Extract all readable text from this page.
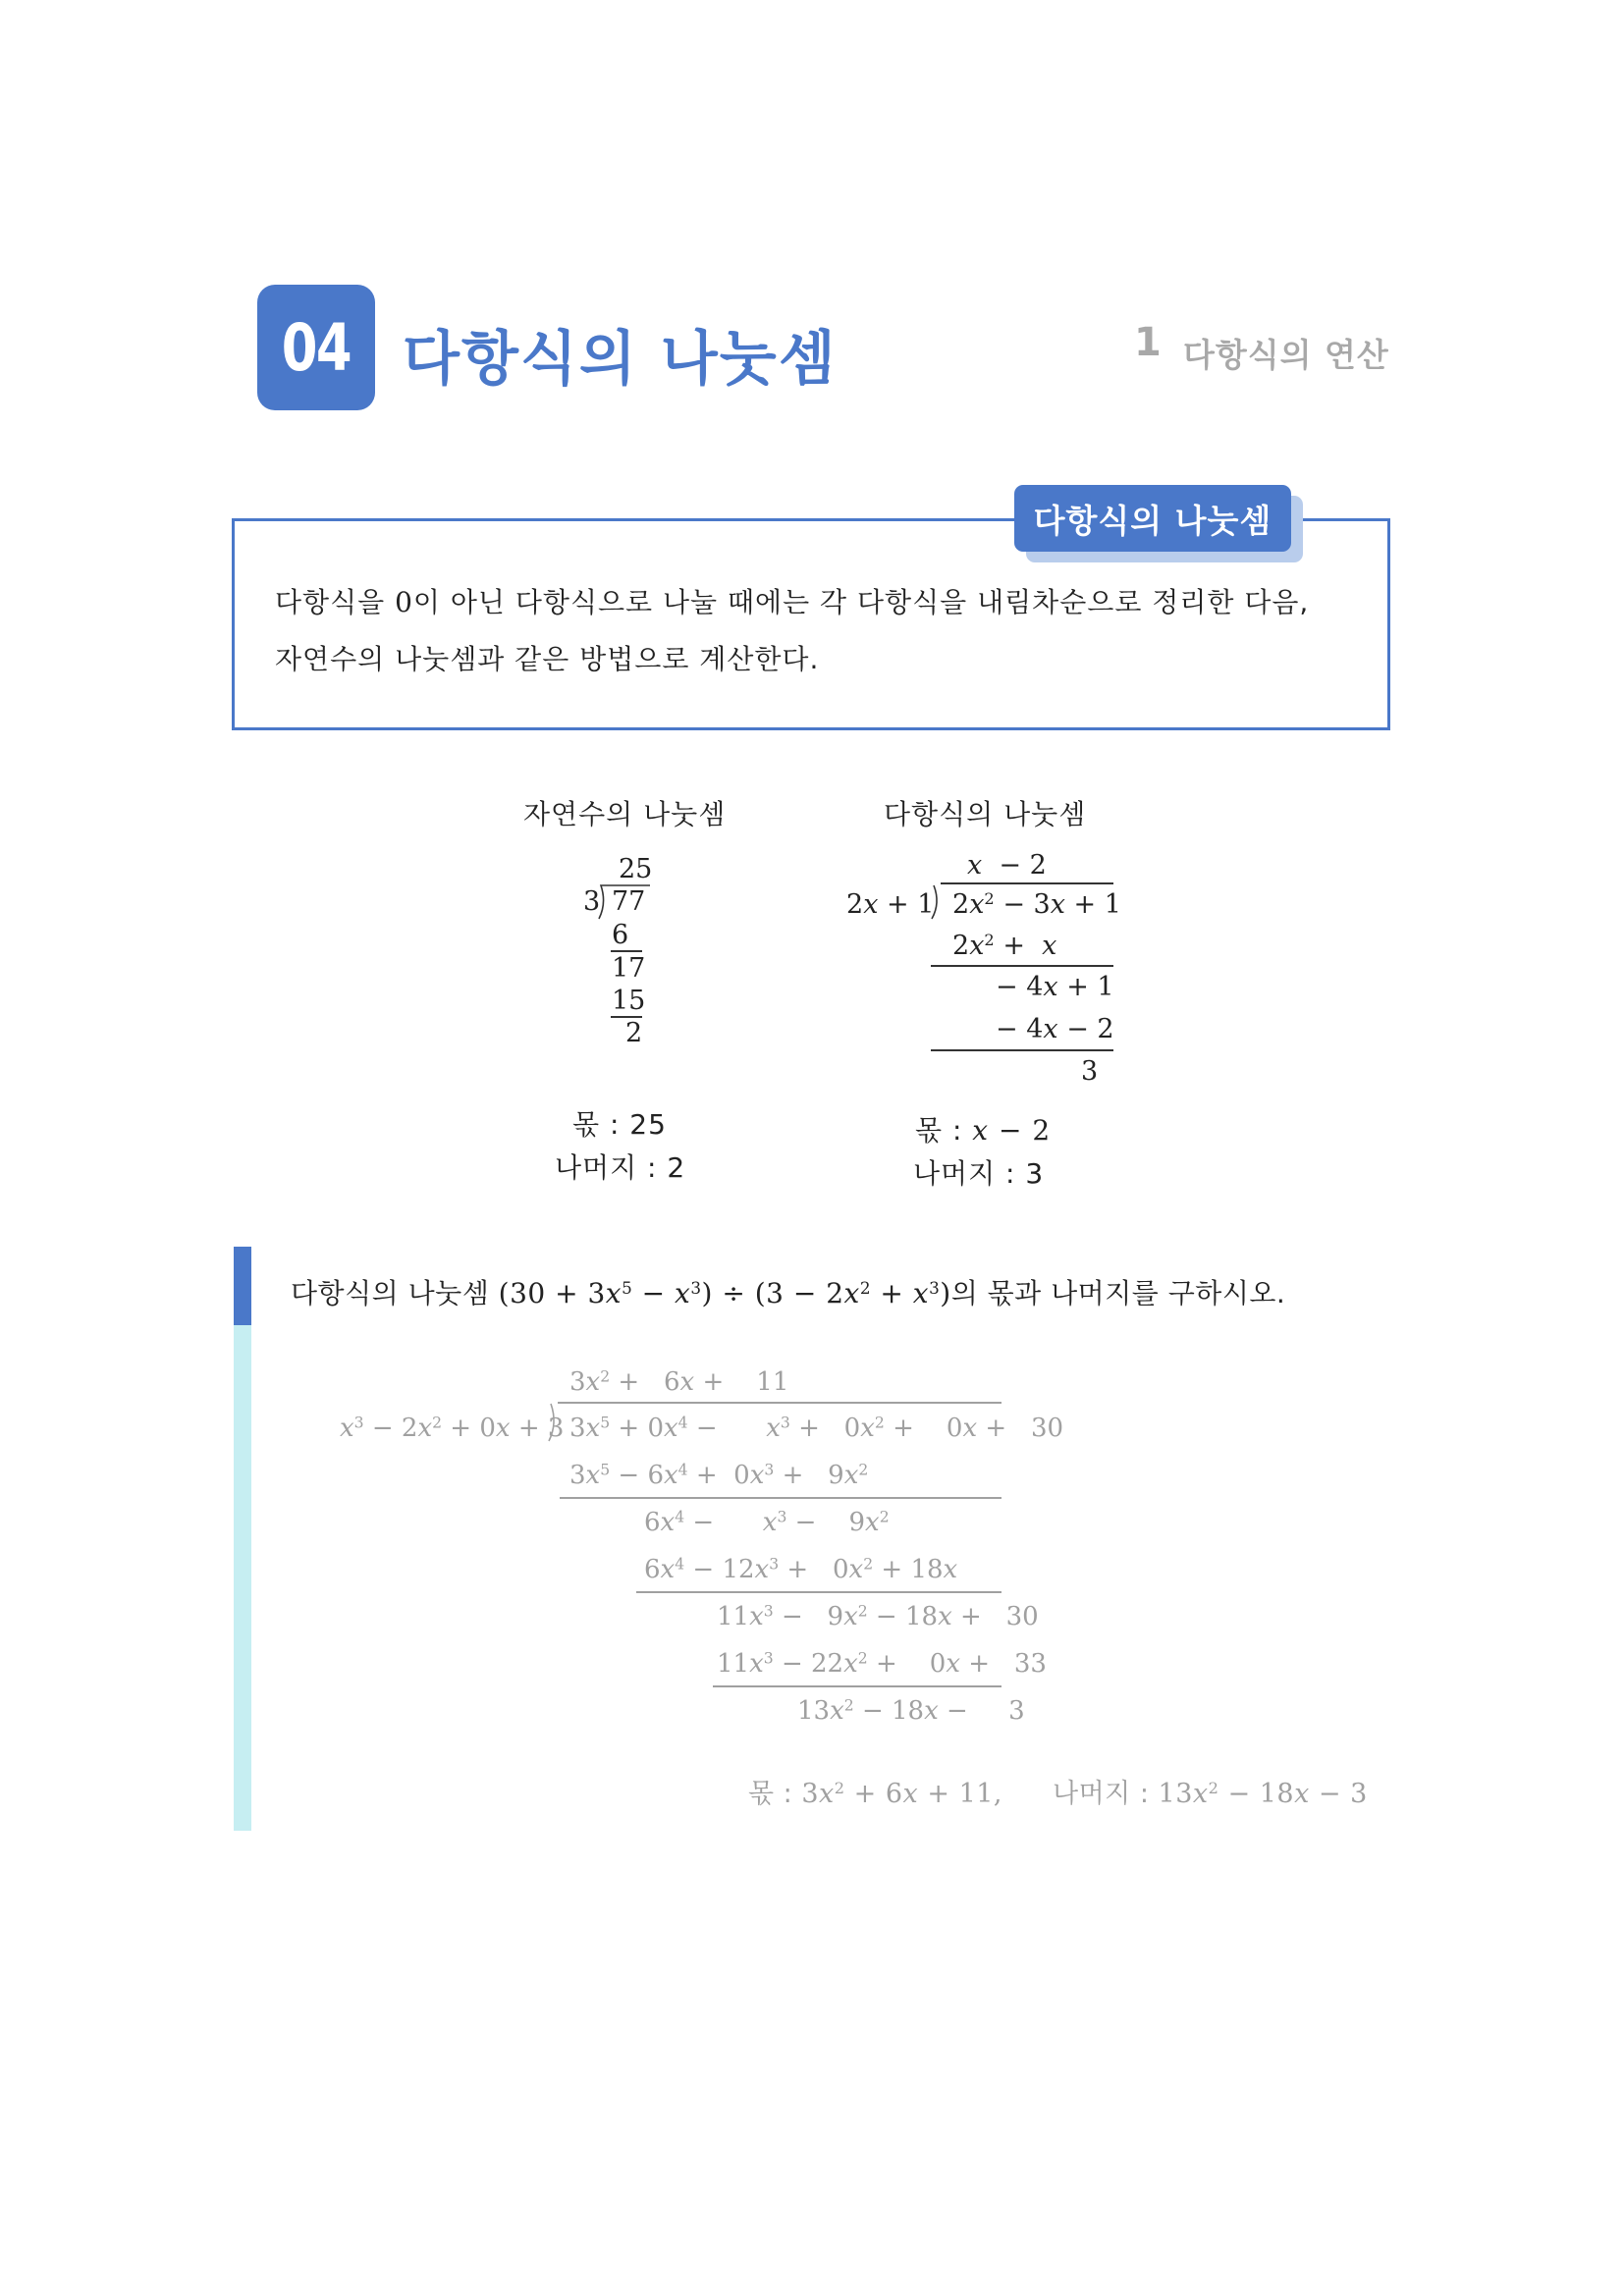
04 다항식의 나눗셈	1 다항식의 연산
다항식의 나눗셈
다항식을 0이 아닌 다항식으로 나눌 때에는 각 다항식을 내림차순으로 정리한 다음,
자연수의 나눗셈과 같은 방법으로 계산한다.
자연수의 나눗셈
25
3 77
6
17
15
2
몫 : 25
나머지 : 2
다항식의 나눗셈
x  − 2
2x + 1 $2x^2 - 3x + 1$
$2x^2 + x$
− 4x + 1
− 4x − 2
3
몫 : x − 2
나머지 : 3
다항식의 나눗셈 $(30 + 3x^5 - x^3) \div (3 - 2x^2 + x^3)$의 몫과 나머지를 구하시오.
$3x^2 + 6x$ +    11
$x^3 - 2x^2 + 0x + 3$ $3x^5 + 0x^4$ −      $x^3 + 0x^2$ +    0x +   30
$3x^5 - 6x^4 + 0x^3 + 9x^2$
$6x^4$ −      $x^3$ −    $9x^2$
$6x^4 - 12x^3 + 0x^2 + 18x$
$11x^3 - 9x^2 - 18x + 30$
$11x^3 - 22x^2$ +    0x +   33
$13x^2 - 18x$ −     3
몫 : $3x^2 + 6x + 11$, 나머지 : $13x^2 - 18x - 3$
